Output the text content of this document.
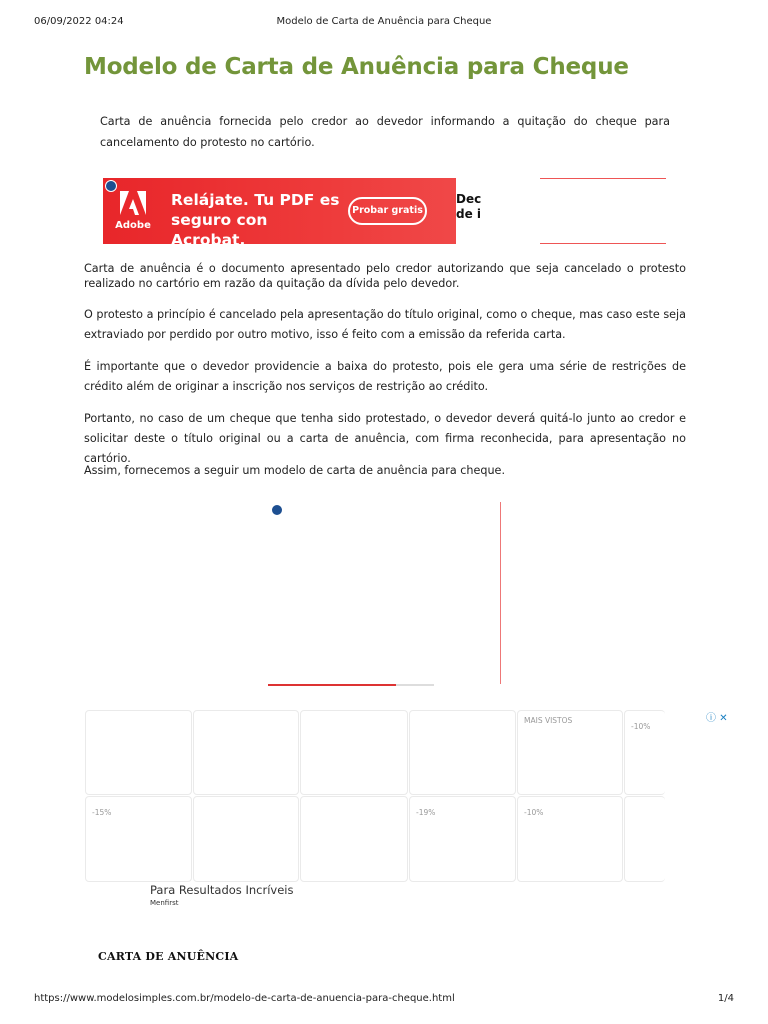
06/09/2022 04:24	Modelo de Carta de Anuência para Cheque
Modelo de Carta de Anuência para Cheque

Carta de anuência fornecida pelo credor ao devedor informando a quitação do cheque para cancelamento do protesto no cartório.

Adobe
Relájate. Tu PDF es seguro con Acrobat.
Probar gratis
Dec
de i

Carta de anuência é o documento apresentado pelo credor autorizando que seja cancelado o protesto realizado no cartório em razão da quitação da dívida pelo devedor.

O protesto a princípio é cancelado pela apresentação do título original, como o cheque, mas caso este seja extraviado por perdido por outro motivo, isso é feito com a emissão da referida carta.

É importante que o devedor providencie a baixa do protesto, pois ele gera uma série de restrições de crédito além de originar a inscrição nos serviços de restrição ao crédito.

Portanto, no caso de um cheque que tenha sido protestado, o devedor deverá quitá-lo junto ao credor e solicitar deste o título original ou a carta de anuência, com firma reconhecida, para apresentação no cartório.

Assim, fornecemos a seguir um modelo de carta de anuência para cheque.

MAIS VISTOS
-10%
-15%	-19%	-10%
ⓘ ✕
Para Resultados Incríveis
Menfirst
CARTA DE ANUÊNCIA
https://www.modelosimples.com.br/modelo-de-carta-de-anuencia-para-cheque.html	1/4
